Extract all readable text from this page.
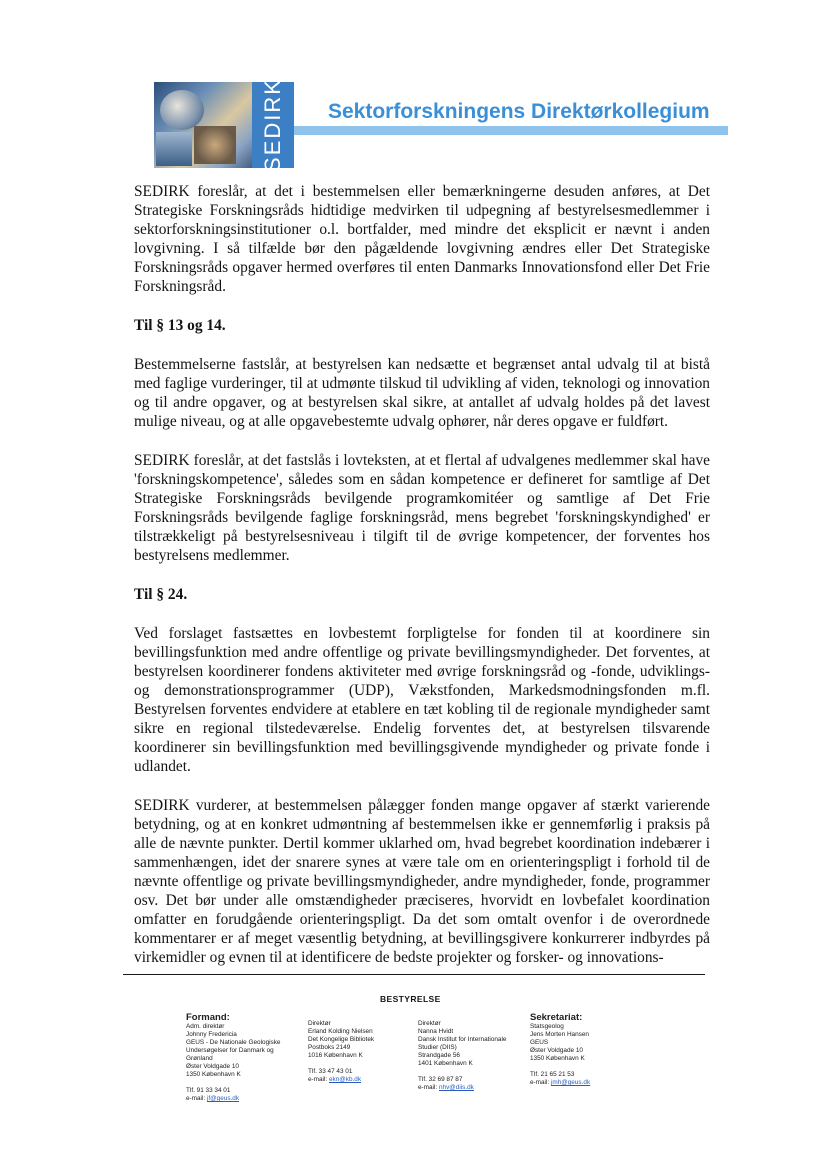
SEDIRK Sektorforskningens Direktørkollegium

SEDIRK foreslår, at det i bestemmelsen eller bemærkningerne desuden anføres, at Det Strategiske Forskningsråds hidtidige medvirken til udpegning af bestyrelsesmedlemmer i sektorforskningsinstitutioner o.l. bortfalder, med mindre det eksplicit er nævnt i anden lovgivning. I så tilfælde bør den pågældende lovgivning ændres eller Det Strategiske Forskningsråds opgaver hermed overføres til enten Danmarks Innovationsfond eller Det Frie Forskningsråd.

Til § 13 og 14.

Bestemmelserne fastslår, at bestyrelsen kan nedsætte et begrænset antal udvalg til at bistå med faglige vurderinger, til at udmønte tilskud til udvikling af viden, teknologi og innovation og til andre opgaver, og at bestyrelsen skal sikre, at antallet af udvalg holdes på det lavest mulige niveau, og at alle opgavebestemte udvalg ophører, når deres opgave er fuldført.

SEDIRK foreslår, at det fastslås i lovteksten, at et flertal af udvalgenes medlemmer skal have 'forskningskompetence', således som en sådan kompetence er defineret for samtlige af Det Strategiske Forskningsråds bevilgende programkomitéer og samtlige af Det Frie Forskningsråds bevilgende faglige forskningsråd, mens begrebet 'forskningskyndighed' er tilstrækkeligt på bestyrelsesniveau i tilgift til de øvrige kompetencer, der forventes hos bestyrelsens medlemmer.

Til § 24.

Ved forslaget fastsættes en lovbestemt forpligtelse for fonden til at koordinere sin bevillingsfunktion med andre offentlige og private bevillingsmyndigheder. Det forventes, at bestyrelsen koordinerer fondens aktiviteter med øvrige forskningsråd og -fonde, udviklings- og demonstrationsprogrammer (UDP), Vækstfonden, Markedsmodningsfonden m.fl. Bestyrelsen forventes endvidere at etablere en tæt kobling til de regionale myndigheder samt sikre en regional tilstedeværelse. Endelig forventes det, at bestyrelsen tilsvarende koordinerer sin bevillingsfunktion med bevillingsgivende myndigheder og private fonde i udlandet.

SEDIRK vurderer, at bestemmelsen pålægger fonden mange opgaver af stærkt varierende betydning, og at en konkret udmøntning af bestemmelsen ikke er gennemførlig i praksis på alle de nævnte punkter. Dertil kommer uklarhed om, hvad begrebet koordination indebærer i sammenhængen, idet der snarere synes at være tale om en orienteringspligt i forhold til de nævnte offentlige og private bevillingsmyndigheder, andre myndigheder, fonde, programmer osv. Det bør under alle omstændigheder præciseres, hvorvidt en lovbefalet koordination omfatter en forudgående orienteringspligt. Da det som omtalt ovenfor i de overordnede kommentarer er af meget væsentlig betydning, at bevillingsgivere konkurrerer indbyrdes på virkemidler og evnen til at identificere de bedste projekter og forsker- og innovations-

BESTYRELSE
Formand:
Adm. direktør
Johnny Fredericia
GEUS - De Nationale Geologiske
Undersøgelser for Danmark og
Grønland
Øster Voldgade 10
1350 København K
Tlf. 91 33 34 01
e-mail: jf@geus.dk
Direktør
Erland Kolding Nielsen
Det Kongelige Bibliotek
Postboks 2149
1016 København K
Tlf. 33 47 43 01
e-mail: ekn@kb.dk
Direktør
Nanna Hvidt
Dansk Institut for Internationale
Studier (DIIS)
Strandgade 56
1401 København K
Tlf. 32 69 87 87
e-mail: nhv@diis.dk
Sekretariat:
Statsgeolog
Jens Morten Hansen
GEUS
Øster Voldgade 10
1350 København K
Tlf. 21 65 21 53
e-mail: jmh@geus.dk
